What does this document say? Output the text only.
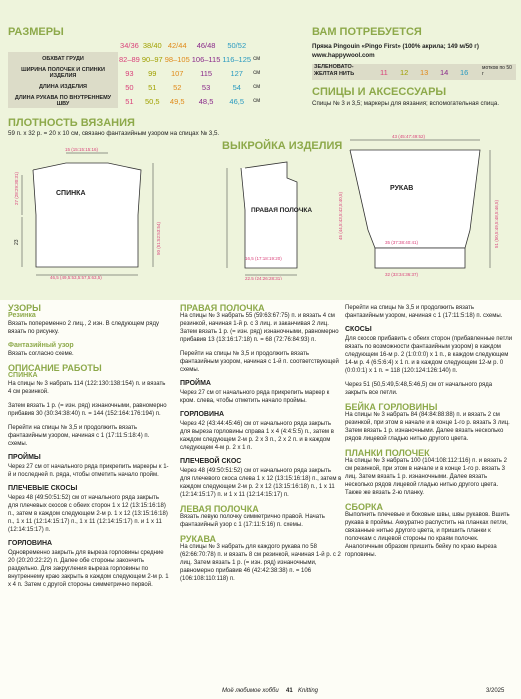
РАЗМЕРЫ
	34/36	38/40	42/44	46/48	50/52	
ОБХВАТ ГРУДИ	82–89	90–97	98–105	106–115	116–125	см
ШИРИНА ПОЛОЧЕК И СПИНКИ ИЗДЕЛИЯ	93	99	107	115	127	см
ДЛИНА ИЗДЕЛИЯ	50	51	52	53	54	см
ДЛИНА РУКАВА ПО ВНУТРЕННЕМУ ШВУ	51	50,5	49,5	48,5	46,5	см
ВАМ ПОТРЕБУЕТСЯ
Пряжа Pingouin «Pingo First» (100% акрила; 149 м/50 г)
www.happywool.com
ЗЕЛЕНОВАТО-ЖЕЛТАЯ НИТЬ	11 12 13 14 16	мотков по 50 г
СПИЦЫ И АКСЕССУАРЫ
Спицы № 3 и 3,5; маркеры для вязания; вспомогательная спица.
ПЛОТНОСТЬ ВЯЗАНИЯ
59 п. x 32 р. = 20 x 10 см, связано фантазийным узором на спицах № 3,5.
ВЫКРОЙКА ИЗДЕЛИЯ
15 (15:15:15:16)
46,5 (49,5:53,5:57,5:63,5)
СПИНКА
27 (28:29:30:31)
23	50 (51:52:53:54)
ПРАВАЯ ПОЛОЧКА
16,5 (17:18:19:20)
22,5 (24:26:28:31)
43 (45:47:49:52)
РУКАВ
35 (37:38:40:41)
32 (33:34:36:37)
51 (50,5:49,5:48,5:46,5)
45 (44,5:43,5:42,5:40,5)
УЗОРЫ
Резинка

Вязать попеременно 2 лиц., 2 изн. В следующем ряду вязать по рисунку.

Фантазийный узор

Вязать согласно схеме.

ОПИСАНИЕ РАБОТЫ
СПИНКА

На спицы № 3 набрать 114 (122:130:138:154) п. и вязать 4 см резинкой.

Затем вязать 1 р. (= изн. ряд) изнаночными, равномерно прибавив 30 (30:34:38:40) п. = 144 (152:164:176:194) п.

Перейти на спицы № 3,5 и продолжить вязать фантазийным узором, начиная с 1 (17:11:5:18:4) п. схемы.

ПРОЙМЫ

Через 27 см от начального ряда прикрепить маркеры к 1-й и последней п. ряда, чтобы отметить начало пройм.

ПЛЕЧЕВЫЕ СКОСЫ

Через 48 (49:50:51:52) см от начального ряда закрыть для плечевых скосов с обеих сторон 1 x 12 (13:15:16:18) п., затем в каждом следующем 2-м р. 1 x 12 (13:15:16:18) п., 1 x 11 (12:14:15:17) п., 1 x 11 (12:14:15:17) п. и 1 x 11 (12:14:15:17) п.

ГОРЛОВИНА

Одновременно закрыть для выреза горловины средние 20 (20:20:22:22) п. Далее обе стороны закончить раздельно. Для закругления выреза горловины по внутреннему краю закрыть в каждом следующем 2-м р. 1 x 4 п. Затем с другой стороны симметрично первой.

ПРАВАЯ ПОЛОЧКА

На спицы № 3 набрать 55 (59:63:67:75) п. и вязать 4 см резинкой, начиная 1-й р. с 3 лиц. и заканчивая 2 лиц. Затем вязать 1 р. (= изн. ряд) изнаночными, равномерно прибавив 13 (13:16:17:18) п. = 68 (72:76:84:93) п.

Перейти на спицы № 3,5 и продолжить вязать фантазийным узором, начиная с 1-й п. соответствующей схемы.

ПРОЙМА

Через 27 см от начального ряда прикрепить маркер к кром. слева, чтобы отметить начало проймы.

ГОРЛОВИНА

Через 42 (43:44:45:46) см от начального ряда закрыть для выреза горловины справа 1 x 4 (4:4:5:5) п., затем в каждом следующем 2-м р. 2 x 3 п., 2 x 2 п. и в каждом следующем 4-м р. 2 x 1 п.

ПЛЕЧЕВОЙ СКОС

Через 48 (49:50:51:52) см от начального ряда закрыть для плечевого скоса слева 1 x 12 (13:15:16:18) п., затем в каждом следующем 2-м р. 2 x 12 (13:15:16:18) п., 1 x 11 (12:14:15:17) п. и 1 x 11 (12:14:15:17) п.

ЛЕВАЯ ПОЛОЧКА

Вязать левую полочку симметрично правой. Начать фантазийный узор с 1 (17:11:5:16) п. схемы.

РУКАВА

На спицы № 3 набрать для каждого рукава по 58 (62:66:70:78) п. и вязать 8 см резинкой, начиная 1-й р. с 2 лиц. Затем вязать 1 р. (= изн. ряд) изнаночными, равномерно прибавив 46 (42:42:38:38) п. = 106 (106:108:110:118) п.

Перейти на спицы № 3,5 и продолжить вязать фантазийным узором, начиная с 1 (17:11:5:18) п. схемы.

СКОСЫ

Для скосов прибавить с обеих сторон (прибавленные петли вязать по возможности фантазийным узором) в каждом следующем 16-м р. 2 (1:0:0:0) x 1 п., в каждом следующем 14-м р. 4 (6:5:6:4) x 1 п. и в каждом следующем 12-м р. 0 (0:0:0:1) x 1 п. = 118 (120:124:126:140) п.

Через 51 (50,5:49,5:48,5:46,5) см от начального ряда закрыть все петли.

БЕЙКА ГОРЛОВИНЫ

На спицы № 3 набрать 84 (84:84:88:88) п. и вязать 2 см резинкой, при этом в начале и в конце 1-го р. вязать 3 лиц. Затем вязать 1 р. изнаночными. Далее вязать несколько рядов лицевой гладью нитью другого цвета.

ПЛАНКИ ПОЛОЧЕК

На спицы № 3 набрать 100 (104:108:112:116) п. и вязать 2 см резинкой, при этом в начале и в конце 1-го р. вязать 3 лиц. Затем вязать 1 р. изнаночными. Далее вязать несколько рядов лицевой гладью нитью другого цвета. Также же вязать 2-ю планку.

СБОРКА

Выполнить плечевые и боковые швы, швы рукавов. Вшить рукава в проймы. Аккуратно распустить на планках петли, связанные нитью другого цвета, и пришить планки к полочкам с лицевой стороны по краям полочек. Аналогичным образом пришить бейку по краю выреза горловины.

Моё любимое хобби 41 Knitting	3/2025
